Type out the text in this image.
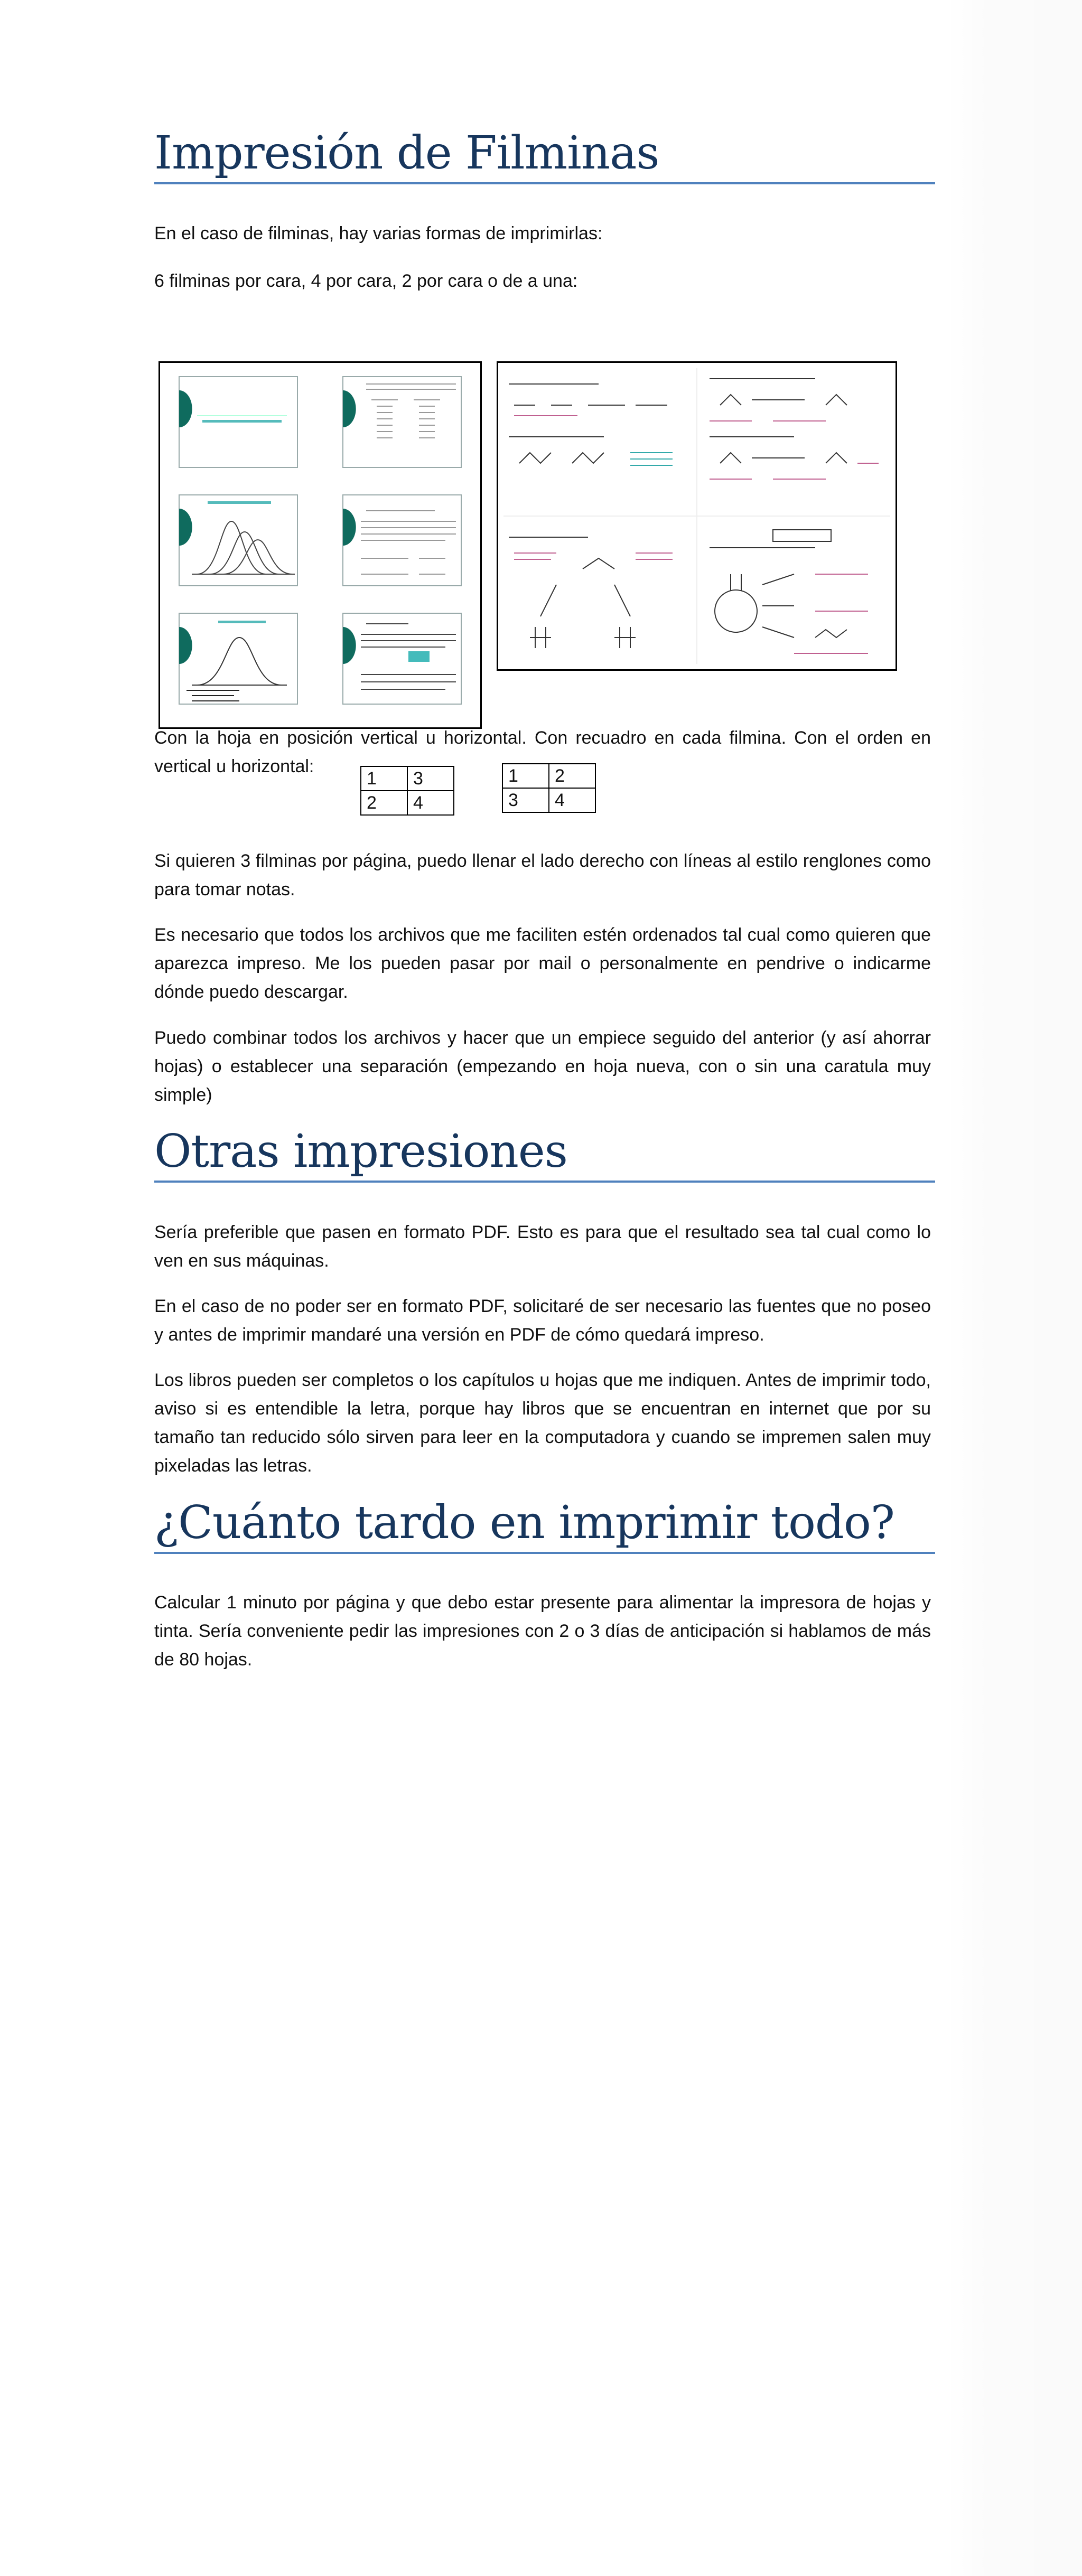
Impresión de Filminas

En el caso de filminas, hay varias formas de imprimirlas:

6 filminas por cara, 4 por cara, 2 por cara o de a una:

Con la hoja en posición vertical u horizontal. Con recuadro en cada filmina. Con el orden en vertical u horizontal:

1	3
2	4
1	2
3	4

Si quieren 3 filminas por página, puedo llenar el lado derecho con líneas al estilo renglones como para tomar notas.

Es necesario que todos los archivos que me faciliten estén ordenados tal cual como quieren que aparezca impreso. Me los pueden pasar por mail o personalmente en pendrive o indicarme dónde puedo descargar.

Puedo combinar todos los archivos y hacer que un empiece seguido del anterior (y así ahorrar hojas) o establecer una separación (empezando en hoja nueva, con o sin una caratula muy simple)

Otras impresiones

Sería preferible que pasen en formato PDF. Esto es para que el resultado sea tal cual como lo ven en sus máquinas.

En el caso de no poder ser en formato PDF, solicitaré de ser necesario las fuentes que no poseo y antes de imprimir mandaré una versión en PDF de cómo quedará impreso.

Los libros pueden ser completos o los capítulos u hojas que me indiquen. Antes de imprimir todo, aviso si es entendible la letra, porque hay libros que se encuentran en internet que por su tamaño tan reducido sólo sirven para leer en la computadora y cuando se impremen salen muy pixeladas las letras.

¿Cuánto tardo en imprimir todo?

Calcular 1 minuto por página y que debo estar presente para alimentar la impresora de hojas y tinta. Sería conveniente pedir las impresiones con 2 o 3 días de anticipación si hablamos de más de 80 hojas.
